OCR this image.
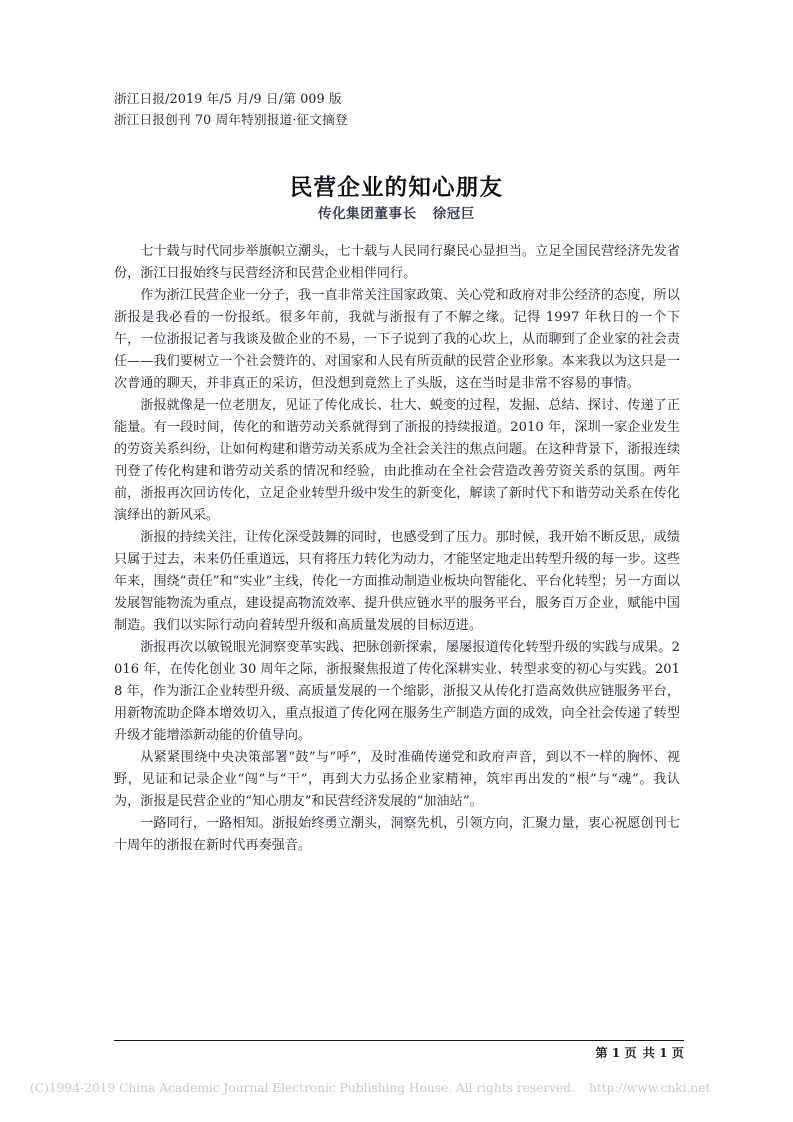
浙江日报/2019 年/5 月/9 日/第 009 版
浙江日报创刊 70 周年特别报道·征文摘登
民营企业的知心朋友
传化集团董事长 徐冠巨

七十载与时代同步举旗帜立潮头，七十载与人民同行聚民心显担当。立足全国民营经济先发省份，浙江日报始终与民营经济和民营企业相伴同行。

作为浙江民营企业一分子，我一直非常关注国家政策、关心党和政府对非公经济的态度，所以浙报是我必看的一份报纸。很多年前，我就与浙报有了不解之缘。记得 1997 年秋日的一个下午，一位浙报记者与我谈及做企业的不易，一下子说到了我的心坎上，从而聊到了企业家的社会责任——我们要树立一个社会赞许的、对国家和人民有所贡献的民营企业形象。本来我以为这只是一次普通的聊天，并非真正的采访，但没想到竟然上了头版，这在当时是非常不容易的事情。

浙报就像是一位老朋友，见证了传化成长、壮大、蜕变的过程，发掘、总结、探讨、传递了正能量。有一段时间，传化的和谐劳动关系就得到了浙报的持续报道。2010 年，深圳一家企业发生的劳资关系纠纷，让如何构建和谐劳动关系成为全社会关注的焦点问题。在这种背景下，浙报连续刊登了传化构建和谐劳动关系的情况和经验，由此推动在全社会营造改善劳资关系的氛围。两年前，浙报再次回访传化，立足企业转型升级中发生的新变化，解读了新时代下和谐劳动关系在传化演绎出的新风采。

浙报的持续关注，让传化深受鼓舞的同时，也感受到了压力。那时候，我开始不断反思，成绩只属于过去，未来仍任重道远，只有将压力转化为动力，才能坚定地走出转型升级的每一步。这些年来，围绕“责任”和“实业”主线，传化一方面推动制造业板块向智能化、平台化转型；另一方面以发展智能物流为重点，建设提高物流效率、提升供应链水平的服务平台，服务百万企业，赋能中国制造。我们以实际行动向着转型升级和高质量发展的目标迈进。

浙报再次以敏锐眼光洞察变革实践、把脉创新探索，屡屡报道传化转型升级的实践与成果。2016 年，在传化创业 30 周年之际，浙报聚焦报道了传化深耕实业、转型求变的初心与实践。2018 年，作为浙江企业转型升级、高质量发展的一个缩影，浙报又从传化打造高效供应链服务平台，用新物流助企降本增效切入，重点报道了传化网在服务生产制造方面的成效，向全社会传递了转型升级才能增添新动能的价值导向。

从紧紧围绕中央决策部署“鼓”与“呼”，及时准确传递党和政府声音，到以不一样的胸怀、视野，见证和记录企业“闯”与“干”，再到大力弘扬企业家精神，筑牢再出发的“根”与“魂”。我认为，浙报是民营企业的“知心朋友”和民营经济发展的“加油站”。

一路同行，一路相知。浙报始终勇立潮头，洞察先机，引领方向，汇聚力量，衷心祝愿创刊七十周年的浙报在新时代再奏强音。

第 1 页 共 1 页
(C)1994-2019 China Academic Journal Electronic Publishing House. All rights reserved. http://www.cnki.net
